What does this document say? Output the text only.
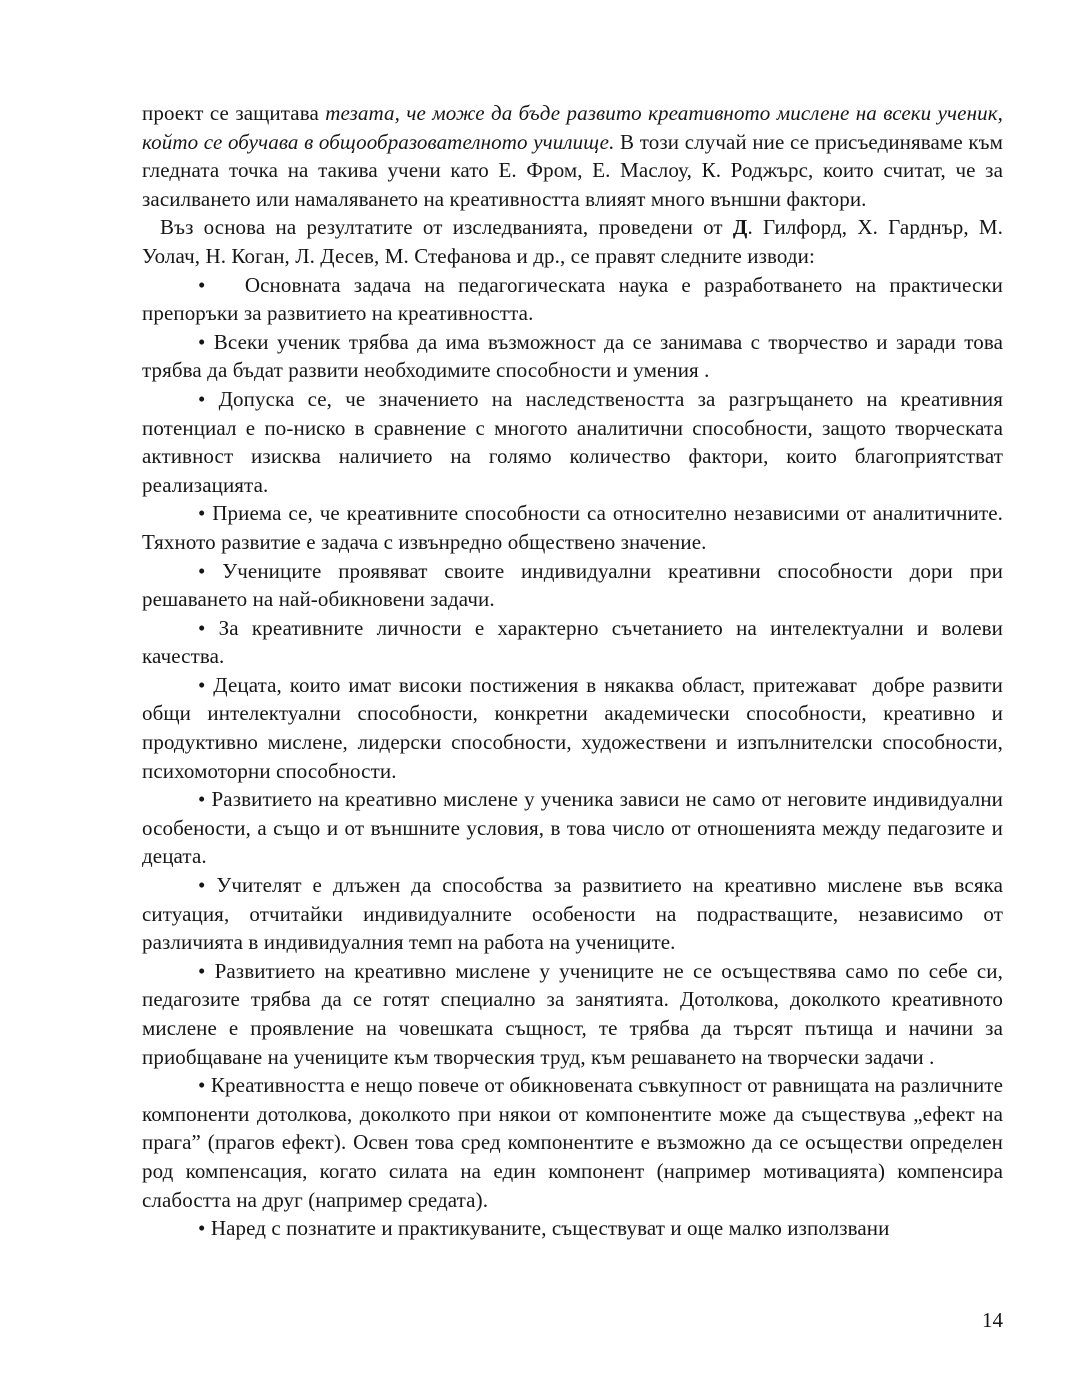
проект се защитава тезата, че може да бъде развито креативното мислене на всеки ученик, който се обучава в общообразователното училище. В този случай ние се присъединяваме към гледната точка на такива учени като Е. Фром, Е. Маслоу, К. Роджърс, които считат, че за засилването или намаляването на креативността влияят много външни фактори.

Въз основа на резултатите от изследванията, проведени от Д. Гилфорд, Х. Гарднър, М. Уолач, Н. Коган, Л. Десев, М. Стефанова и др., се правят следните изводи:

•   Основната задача на педагогическата наука е разработването на практически препоръки за развитието на креативността.

• Всеки ученик трябва да има възможност да се занимава с творчество и заради това трябва да бъдат развити необходимите способности и умения .

• Допуска се, че значението на наследствеността за разгръщането на креативния потенциал е по-ниско в сравнение с многото аналитични способности, защото творческата активност изисква наличието на голямо количество фактори, които благоприятстват реализацията.

• Приема се, че креативните способности са относително независими от аналитичните. Тяхното развитие е задача с извънредно обществено значение.

• Учениците проявяват своите индивидуални креативни способности дори при решаването на най-обикновени задачи.

• За креативните личности е характерно съчетанието на интелектуални и волеви качества.

• Децата, които имат високи постижения в някаква област, притежават  добре развити общи интелектуални способности, конкретни академически способности, креативно и продуктивно мислене, лидерски способности, художествени и изпълнителски способности, психомоторни способности.

• Развитието на креативно мислене у ученика зависи не само от неговите индивидуални особености, а също и от външните условия, в това число от отношенията между педагозите и децата.

• Учителят е длъжен да способства за развитието на креативно мислене във всяка ситуация, отчитайки индивидуалните особености на подрастващите, независимо от различията в индивидуалния темп на работа на учениците.

• Развитието на креативно мислене у учениците не се осъществява само по себе си, педагозите трябва да се готят специално за занятията. Дотолкова, доколкото креативното мислене е проявление на човешката същност, те трябва да търсят пътища и начини за приобщаване на учениците към творческия труд, към решаването на творчески задачи .

• Креативността е нещо повече от обикновената съвкупност от равнищата на различните компоненти дотолкова, доколкото при някои от компонентите може да съществува „ефект на прага” (прагов ефект). Освен това сред компонентите е възможно да се осъществи определен род компенсация, когато силата на един компонент (например мотивацията) компенсира слабостта на друг (например средата).

• Наред с познатите и практикуваните, съществуват и още малко използвани

14
